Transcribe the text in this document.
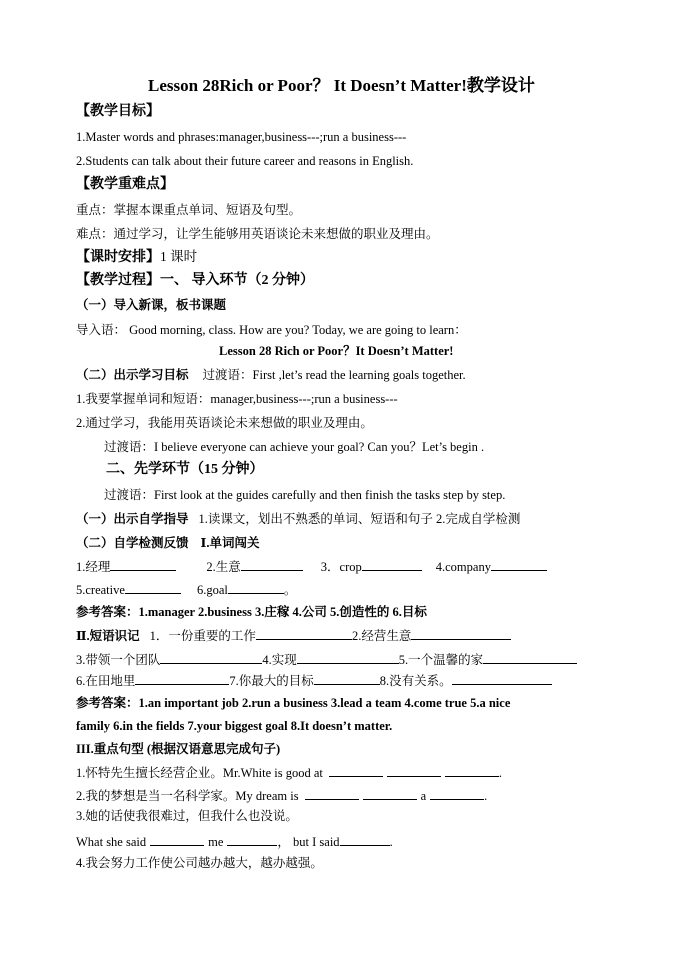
Lesson 28Rich or Poor？ It Doesn’t Matter!教学设计
【教学目标】
1.Master words and phrases:manager,business---;run a business---
2.Students can talk about their future career and reasons in English.
【教学重难点】
重点：掌握本课重点单词、短语及句型。
难点：通过学习，让学生能够用英语谈论未来想做的职业及理由。
【课时安排】1 课时
【教学过程】一、 导入环节（2 分钟）
（一）导入新课，板书课题
导入语： Good morning, class. How are you? Today, we are going to learn：
Lesson 28 Rich or Poor？It Doesn’t Matter!
（二）出示学习目标 过渡语：First ,let’s read the learning goals together.
1.我要掌握单词和短语：manager,business---;run a business---
2.通过学习，我能用英语谈论未来想做的职业及理由。
过渡语：I believe everyone can achieve your goal? Can you？Let’s begin .
二、先学环节（15 分钟）
过渡语：First look at the guides carefully and then finish the tasks step by step.
（一）出示自学指导 1.读课文，划出不熟悉的单词、短语和句子 2.完成自学检测
（二）自学检测反馈 Ⅰ.单词闯关
1.经理	2.生意	3．crop	4.company
5.creative	6.goal	。
参考答案：1.manager 2.business 3.庄稼 4.公司 5.创造性的 6.目标
Ⅱ.短语识记 1．一份重要的工作	2.经营生意
3.带领一个团队	4.实现	5.一个温馨的家
6.在田地里	7.你最大的目标	8.没有关系。
参考答案：1.an important job 2.run a business 3.lead a team 4.come true 5.a nice
family 6.in the fields 7.your biggest goal 8.It doesn’t matter.
III.重点句型 (根据汉语意思完成句子)
1.怀特先生擅长经营企业。Mr.White is good at	.
2.我的梦想是当一名科学家。My dream is	a	.
3.她的话使我很难过，但我什么也没说。
What she said	me	， but I said	.
4.我会努力工作使公司越办越大，越办越强。
